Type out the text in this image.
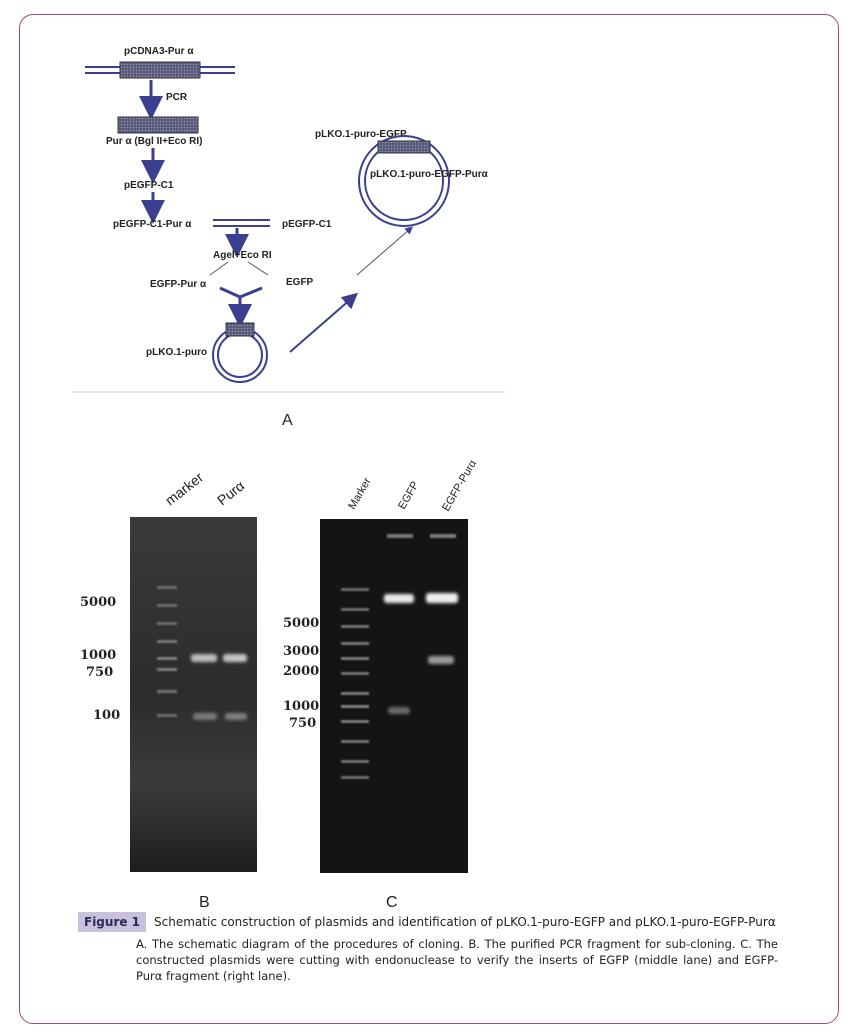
pCDNA3-Pur α
PCR
Pur α (Bgl II+Eco RI)
pEGFP-C1
pEGFP-C1-Pur α	pEGFP-C1
Agel+Eco RI
EGFP-Pur α	EGFP
pLKO.1-puro
pLKO.1-puro-EGFP
pLKO.1-puro-EGFP-Purα
A
marker Purα
5000
1000
750
100
Marker EGFP EGFP-Purα
5000
3000
2000
1000
750
B	C
Figure 1 Schematic construction of plasmids and identification of pLKO.1-puro-EGFP and pLKO.1-puro-EGFP-Purα
A. The schematic diagram of the procedures of cloning. B. The purified PCR fragment for sub-cloning. C. The constructed plasmids were cutting with endonuclease to verify the inserts of EGFP (middle lane) and EGFP-Purα fragment (right lane).
